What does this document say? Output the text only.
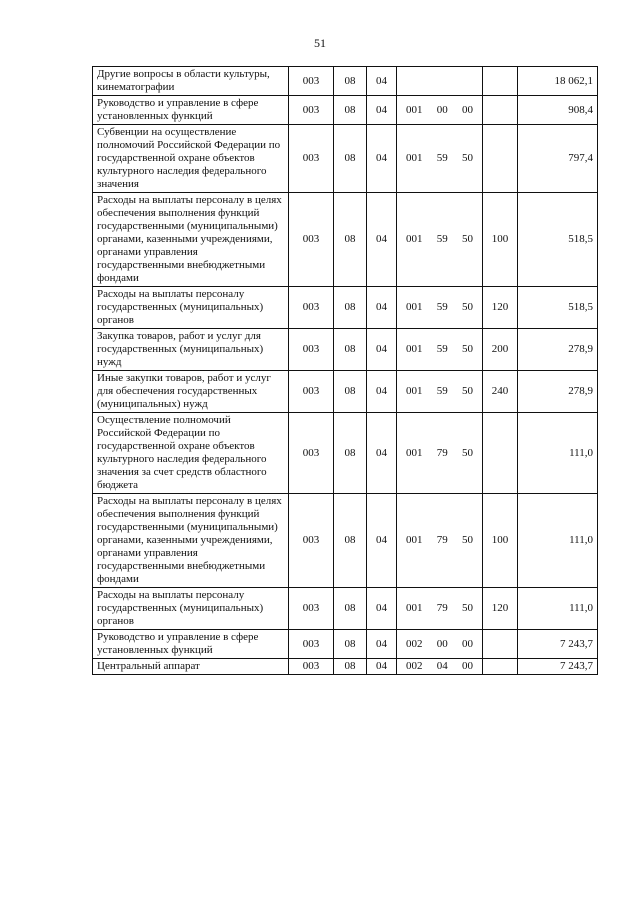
51
Другие вопросы в области культуры, кинематографии	003	08	04			18 062,1
Руководство и управление в сфере установленных функций	003	08	04	001 00 00		908,4
Субвенции на осуществление полномочий Российской Федерации по государственной охране объектов культурного наследия федерального значения	003	08	04	001 59 50		797,4
Расходы на выплаты персоналу в целях обеспечения выполнения функций государственными (муниципальными) органами, казенными учреждениями, органами управления государственными внебюджетными фондами	003	08	04	001 59 50	100	518,5
Расходы на выплаты персоналу государственных (муниципальных) органов	003	08	04	001 59 50	120	518,5
Закупка товаров, работ и услуг для государственных (муниципальных) нужд	003	08	04	001 59 50	200	278,9
Иные закупки товаров, работ и услуг для обеспечения государственных (муниципальных) нужд	003	08	04	001 59 50	240	278,9
Осуществление полномочий Российской Федерации по государственной охране объектов культурного наследия федерального значения за счет средств областного бюджета	003	08	04	001 79 50		111,0
Расходы на выплаты персоналу в целях обеспечения выполнения функций государственными (муниципальными) органами, казенными учреждениями, органами управления государственными внебюджетными фондами	003	08	04	001 79 50	100	111,0
Расходы на выплаты персоналу государственных (муниципальных) органов	003	08	04	001 79 50	120	111,0
Руководство и управление в сфере установленных функций	003	08	04	002 00 00		7 243,7
Центральный аппарат	003	08	04	002 04 00		7 243,7
